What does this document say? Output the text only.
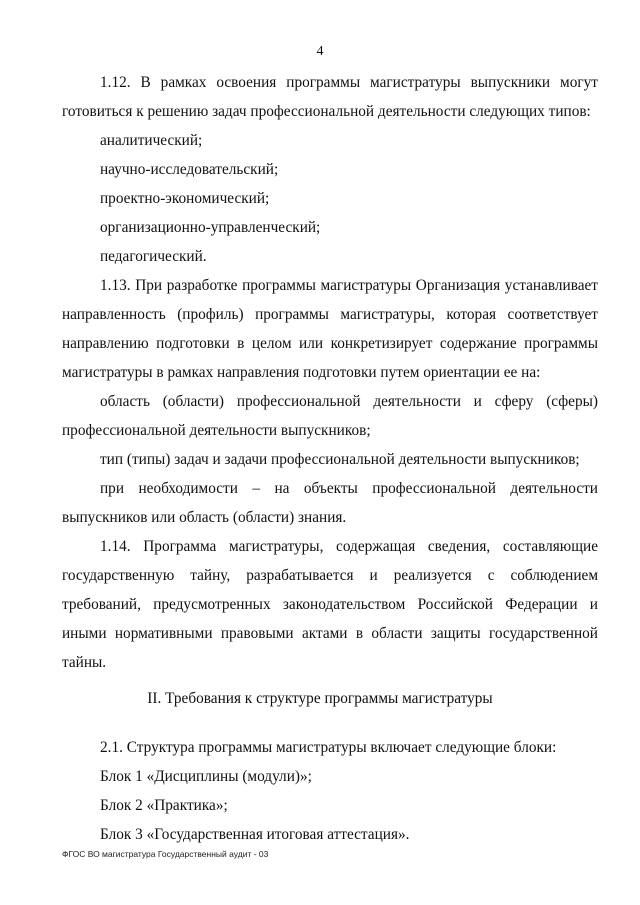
4

1.12. В рамках освоения программы магистратуры выпускники могут готовиться к решению задач профессиональной деятельности следующих типов:

аналитический;

научно-исследовательский;

проектно-экономический;

организационно-управленческий;

педагогический.

1.13. При разработке программы магистратуры Организация устанавливает направленность (профиль) программы магистратуры, которая соответствует направлению подготовки в целом или конкретизирует содержание программы магистратуры в рамках направления подготовки путем ориентации ее на:

область (области) профессиональной деятельности и сферу (сферы) профессиональной деятельности выпускников;

тип (типы) задач и задачи профессиональной деятельности выпускников;

при необходимости – на объекты профессиональной деятельности выпускников или область (области) знания.

1.14. Программа магистратуры, содержащая сведения, составляющие государственную тайну, разрабатывается и реализуется с соблюдением требований, предусмотренных законодательством Российской Федерации и иными нормативными правовыми актами в области защиты государственной тайны.

II. Требования к структуре программы магистратуры

2.1. Структура программы магистратуры включает следующие блоки:

Блок 1 «Дисциплины (модули)»;

Блок 2 «Практика»;

Блок 3 «Государственная итоговая аттестация».

ФГОС ВО магистратура Государственный аудит - 03
